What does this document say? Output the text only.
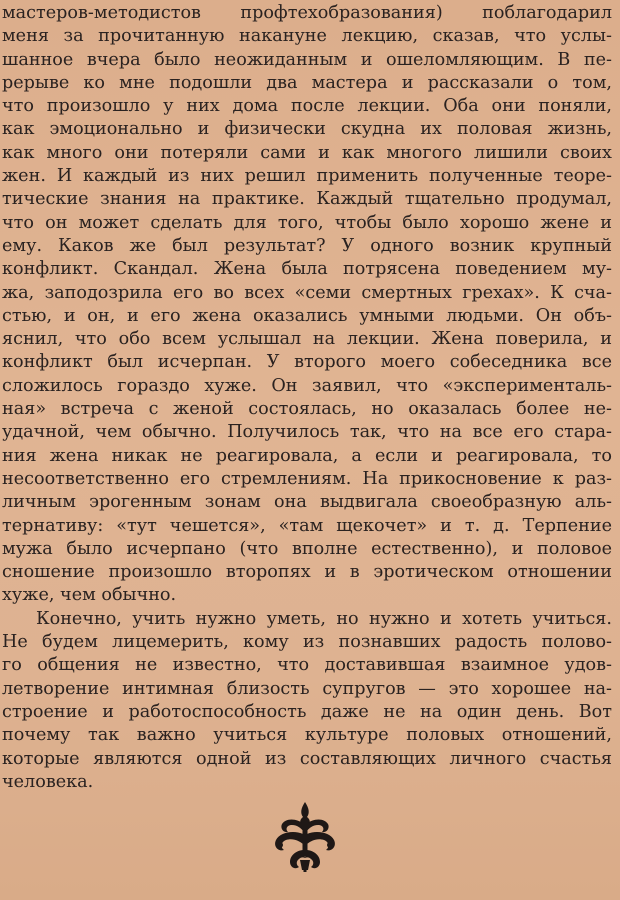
мастеров-методистов профтехобразования) поблагодарил
меня за прочитанную накануне лекцию, сказав, что услы-
шанное вчера было неожиданным и ошеломляющим. В пе-
рерыве ко мне подошли два мастера и рассказали о том,
что произошло у них дома после лекции. Оба они поняли,
как эмоционально и физически скудна их половая жизнь,
как много они потеряли сами и как многого лишили своих
жен. И каждый из них решил применить полученные теоре-
тические знания на практике. Каждый тщательно продумал,
что он может сделать для того, чтобы было хорошо жене и
ему. Каков же был результат? У одного возник крупный
конфликт. Скандал. Жена была потрясена поведением му-
жа, заподозрила его во всех «семи смертных грехах». К сча-
стью, и он, и его жена оказались умными людьми. Он объ-
яснил, что обо всем услышал на лекции. Жена поверила, и
конфликт был исчерпан. У второго моего собеседника все
сложилось гораздо хуже. Он заявил, что «эксперименталь-
ная» встреча с женой состоялась, но оказалась более не-
удачной, чем обычно. Получилось так, что на все его стара-
ния жена никак не реагировала, а если и реагировала, то
несоответственно его стремлениям. На прикосновение к раз-
личным эрогенным зонам она выдвигала своеобразную аль-
тернативу: «тут чешется», «там щекочет» и т. д. Терпение
мужа было исчерпано (что вполне естественно), и половое
сношение произошло второпях и в эротическом отношении
хуже, чем обычно.
Конечно, учить нужно уметь, но нужно и хотеть учиться.
Не будем лицемерить, кому из познавших радость полово-
го общения не известно, что доставившая взаимное удов-
летворение интимная близость супругов — это хорошее на-
строение и работоспособность даже не на один день. Вот
почему так важно учиться культуре половых отношений,
которые являются одной из составляющих личного счастья
человека.
